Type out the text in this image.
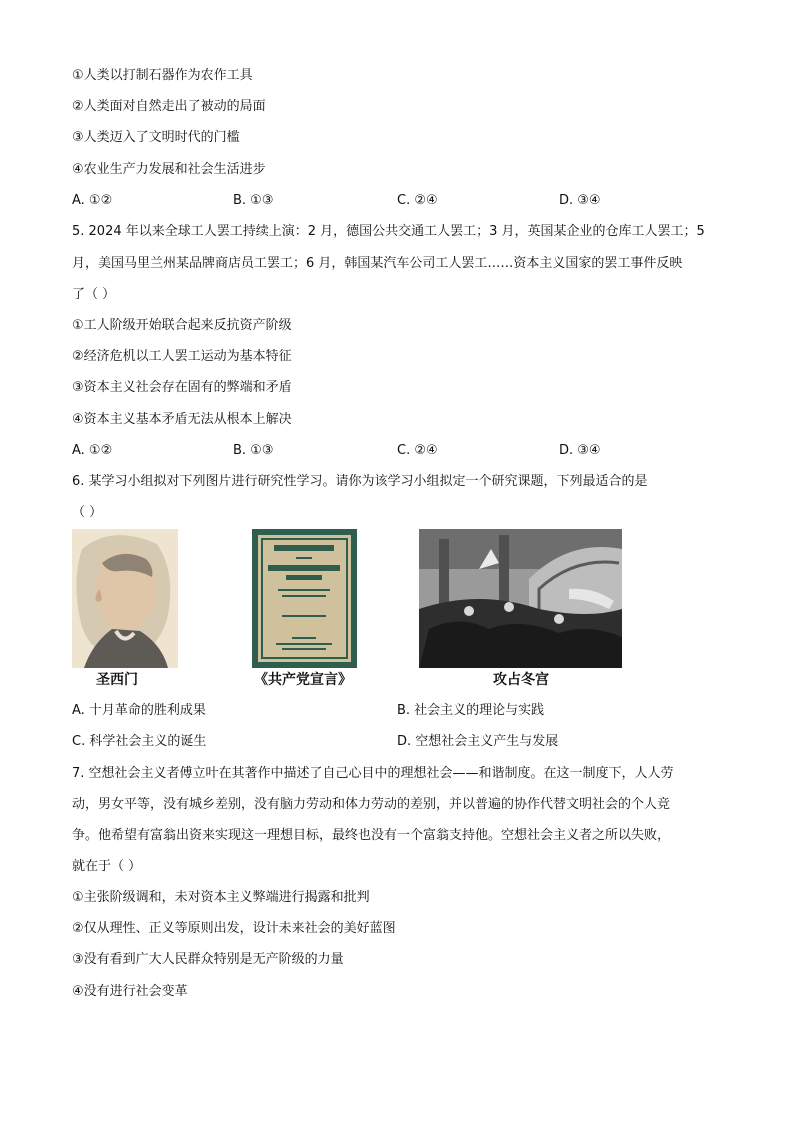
①人类以打制石器作为农作工具
②人类面对自然走出了被动的局面
③人类迈入了文明时代的门槛
④农业生产力发展和社会生活进步
A. ①②	B. ①③	C. ②④	D. ③④
5. 2024 年以来全球工人罢工持续上演：2 月，德国公共交通工人罢工；3 月，英国某企业的仓库工人罢工；5
月，美国马里兰州某品牌商店员工罢工；6 月，韩国某汽车公司工人罢工……资本主义国家的罢工事件反映
了（ ）
①工人阶级开始联合起来反抗资产阶级
②经济危机以工人罢工运动为基本特征
③资本主义社会存在固有的弊端和矛盾
④资本主义基本矛盾无法从根本上解决
A. ①②	B. ①③	C. ②④	D. ③④
6. 某学习小组拟对下列图片进行研究性学习。请你为该学习小组拟定一个研究课题，下列最适合的是
（ ）
圣西门	《共产党宣言》	攻占冬宫
A. 十月革命的胜利成果	B. 社会主义的理论与实践
C. 科学社会主义的诞生	D. 空想社会主义产生与发展
7. 空想社会主义者傅立叶在其著作中描述了自己心目中的理想社会——和谐制度。在这一制度下，人人劳
动，男女平等，没有城乡差别，没有脑力劳动和体力劳动的差别，并以普遍的协作代替文明社会的个人竞
争。他希望有富翁出资来实现这一理想目标，最终也没有一个富翁支持他。空想社会主义者之所以失败，
就在于（ ）
①主张阶级调和，未对资本主义弊端进行揭露和批判
②仅从理性、正义等原则出发，设计未来社会的美好蓝图
③没有看到广大人民群众特别是无产阶级的力量
④没有进行社会变革
